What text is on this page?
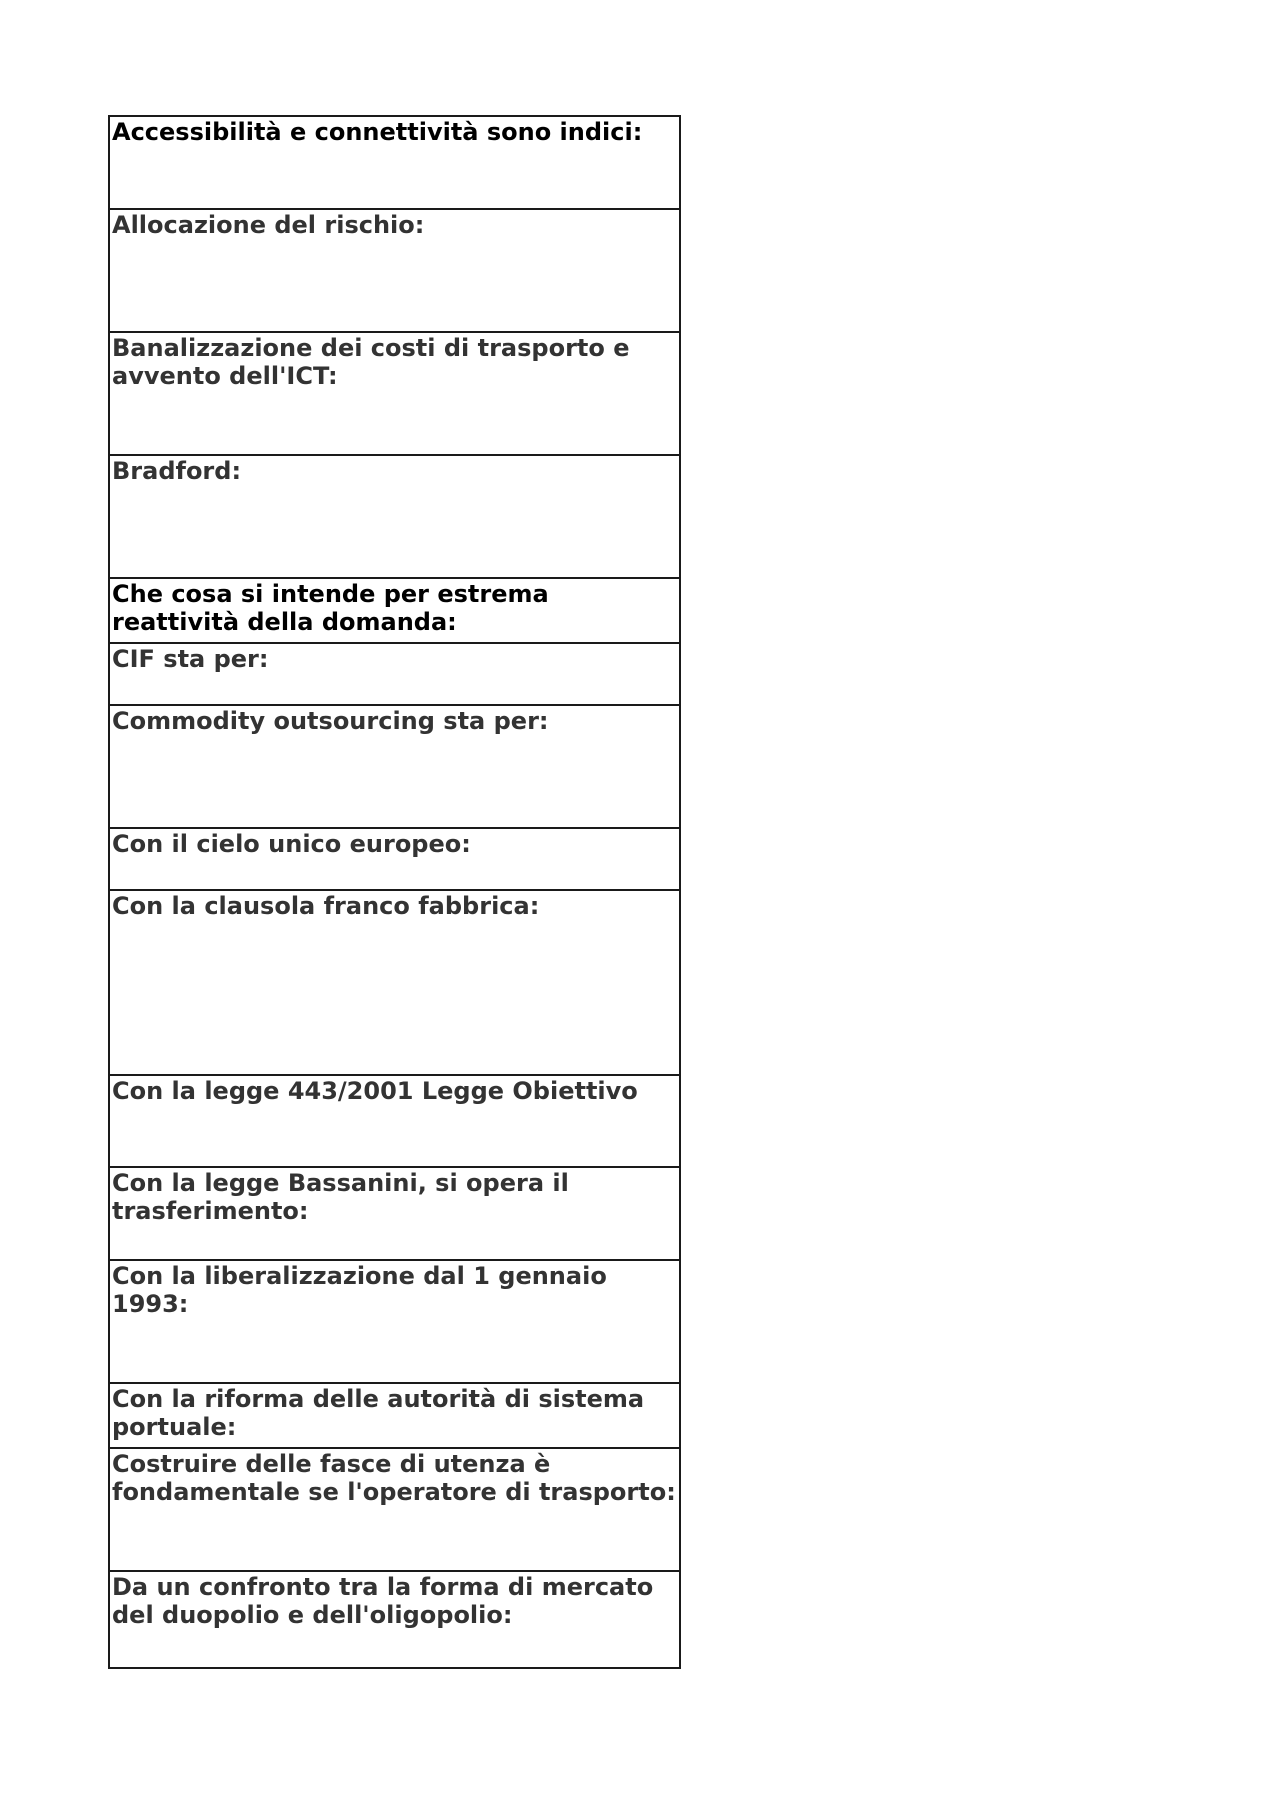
Accessibilità e connettività sono indici:
Allocazione del rischio:
Banalizzazione dei costi di trasporto e avvento dell'ICT:
Bradford:
Che cosa si intende per estrema reattività della domanda:
CIF sta per:
Commodity outsourcing sta per:
Con il cielo unico europeo:
Con la clausola franco fabbrica:
Con la legge 443/2001 Legge Obiettivo
Con la legge Bassanini, si opera il trasferimento:
Con la liberalizzazione dal 1 gennaio 1993:
Con la riforma delle autorità di sistema portuale:
Costruire delle fasce di utenza è fondamentale se l'operatore di trasporto:
Da un confronto tra la forma di mercato del duopolio e dell'oligopolio:
